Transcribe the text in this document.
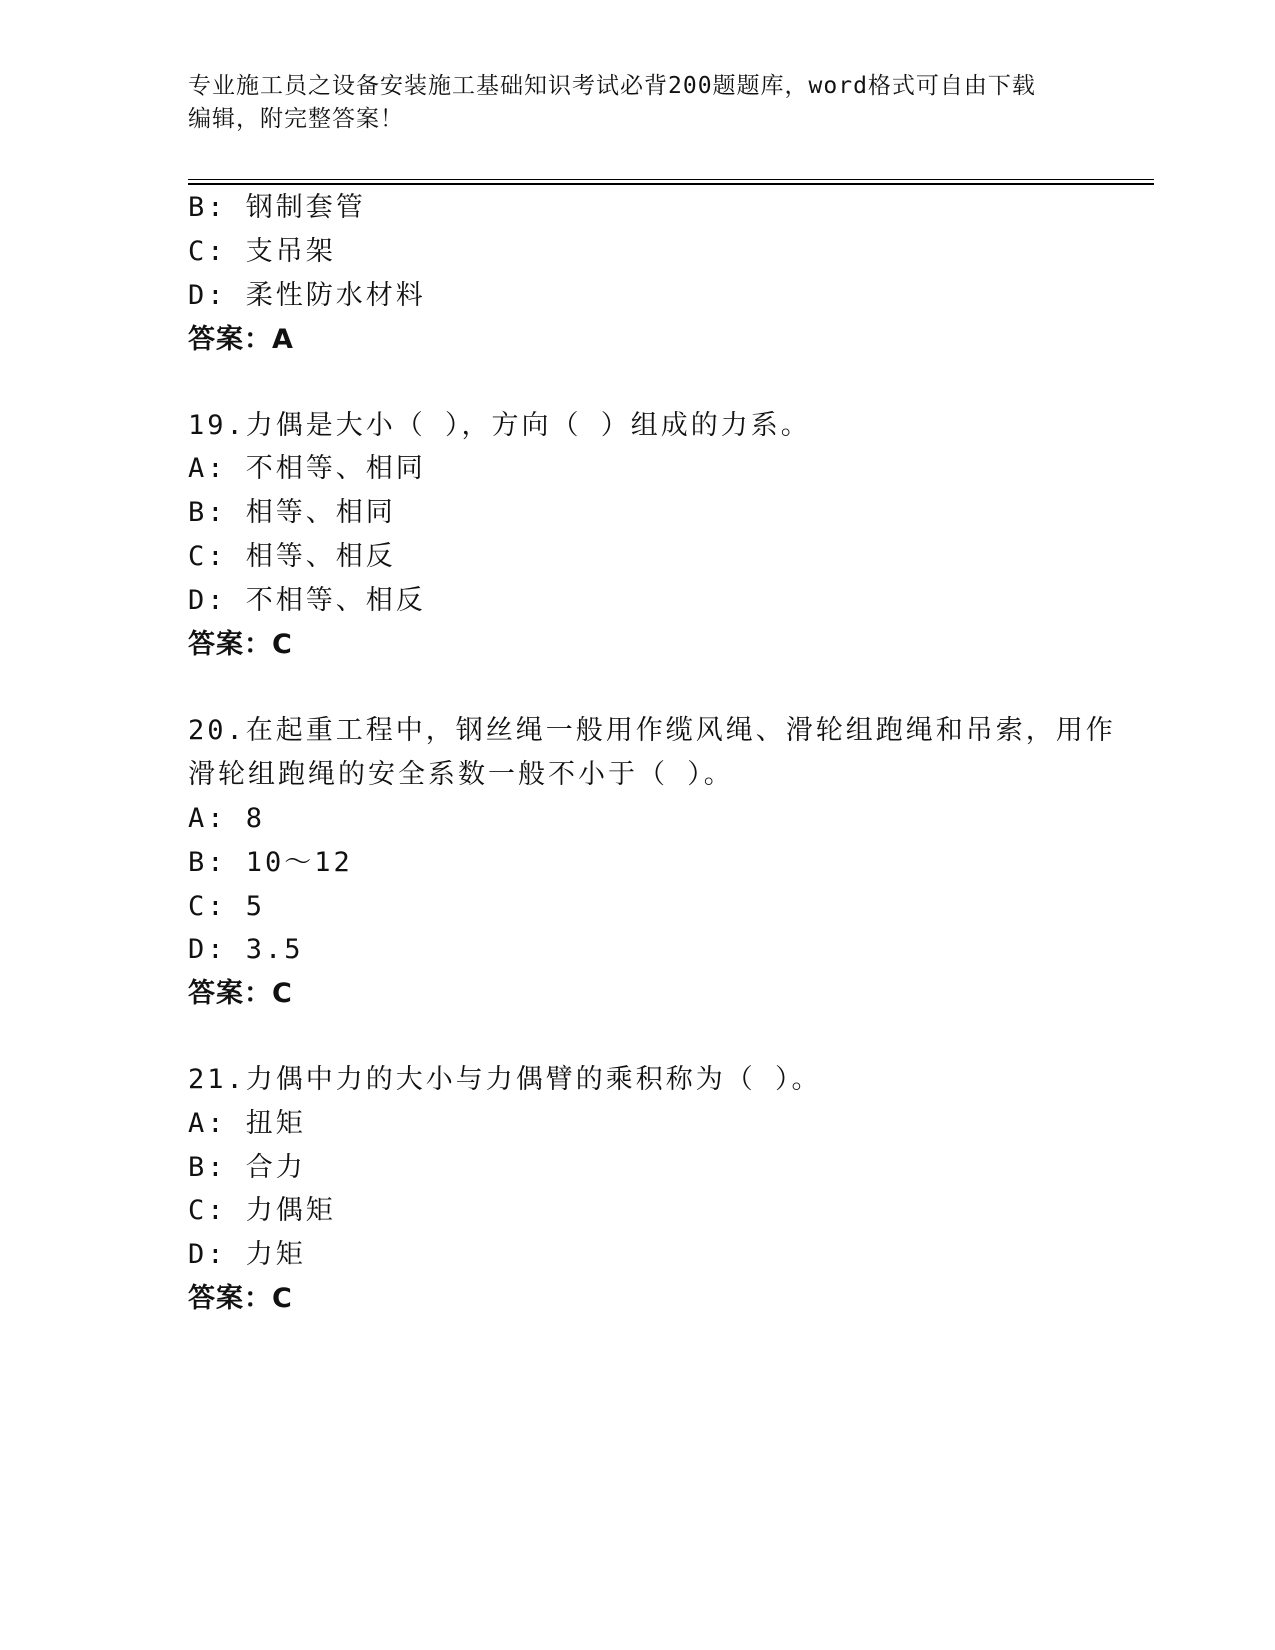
专业施工员之设备安装施工基础知识考试必背200题题库，word格式可自由下载
编辑，附完整答案！
B: 钢制套管
C: 支吊架
D: 柔性防水材料
答案：A
19.力偶是大小（ ），方向（ ）组成的力系。
A: 不相等、相同
B: 相等、相同
C: 相等、相反
D: 不相等、相反
答案：C
20.在起重工程中，钢丝绳一般用作缆风绳、滑轮组跑绳和吊索，用作
滑轮组跑绳的安全系数一般不小于（ ）。
A: 8
B: 10～12
C: 5
D: 3.5
答案：C
21.力偶中力的大小与力偶臂的乘积称为（ ）。
A: 扭矩
B: 合力
C: 力偶矩
D: 力矩
答案：C
